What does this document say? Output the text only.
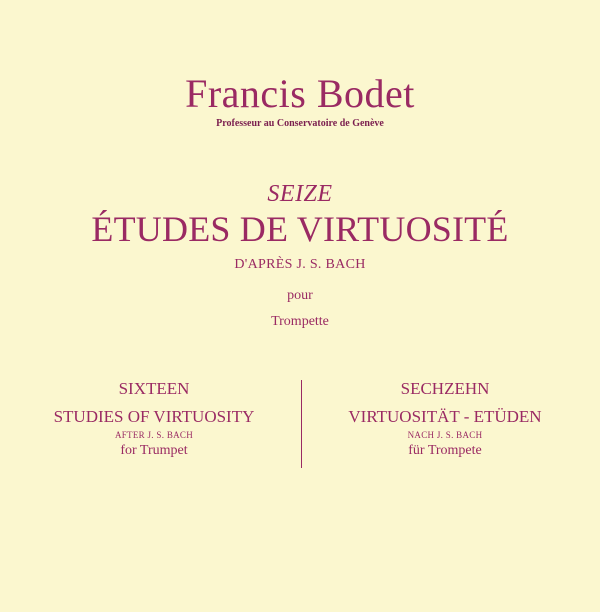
Francis Bodet
Professeur au Conservatoire de Genève
SEIZE
ÉTUDES DE VIRTUOSITÉ
D'APRÈS J. S. BACH
pour
Trompette
SIXTEEN
STUDIES OF VIRTUOSITY
AFTER J. S. BACH
for Trumpet
SECHZEHN
VIRTUOSITÄT - ETÜDEN
NACH J. S. BACH
für Trompete
